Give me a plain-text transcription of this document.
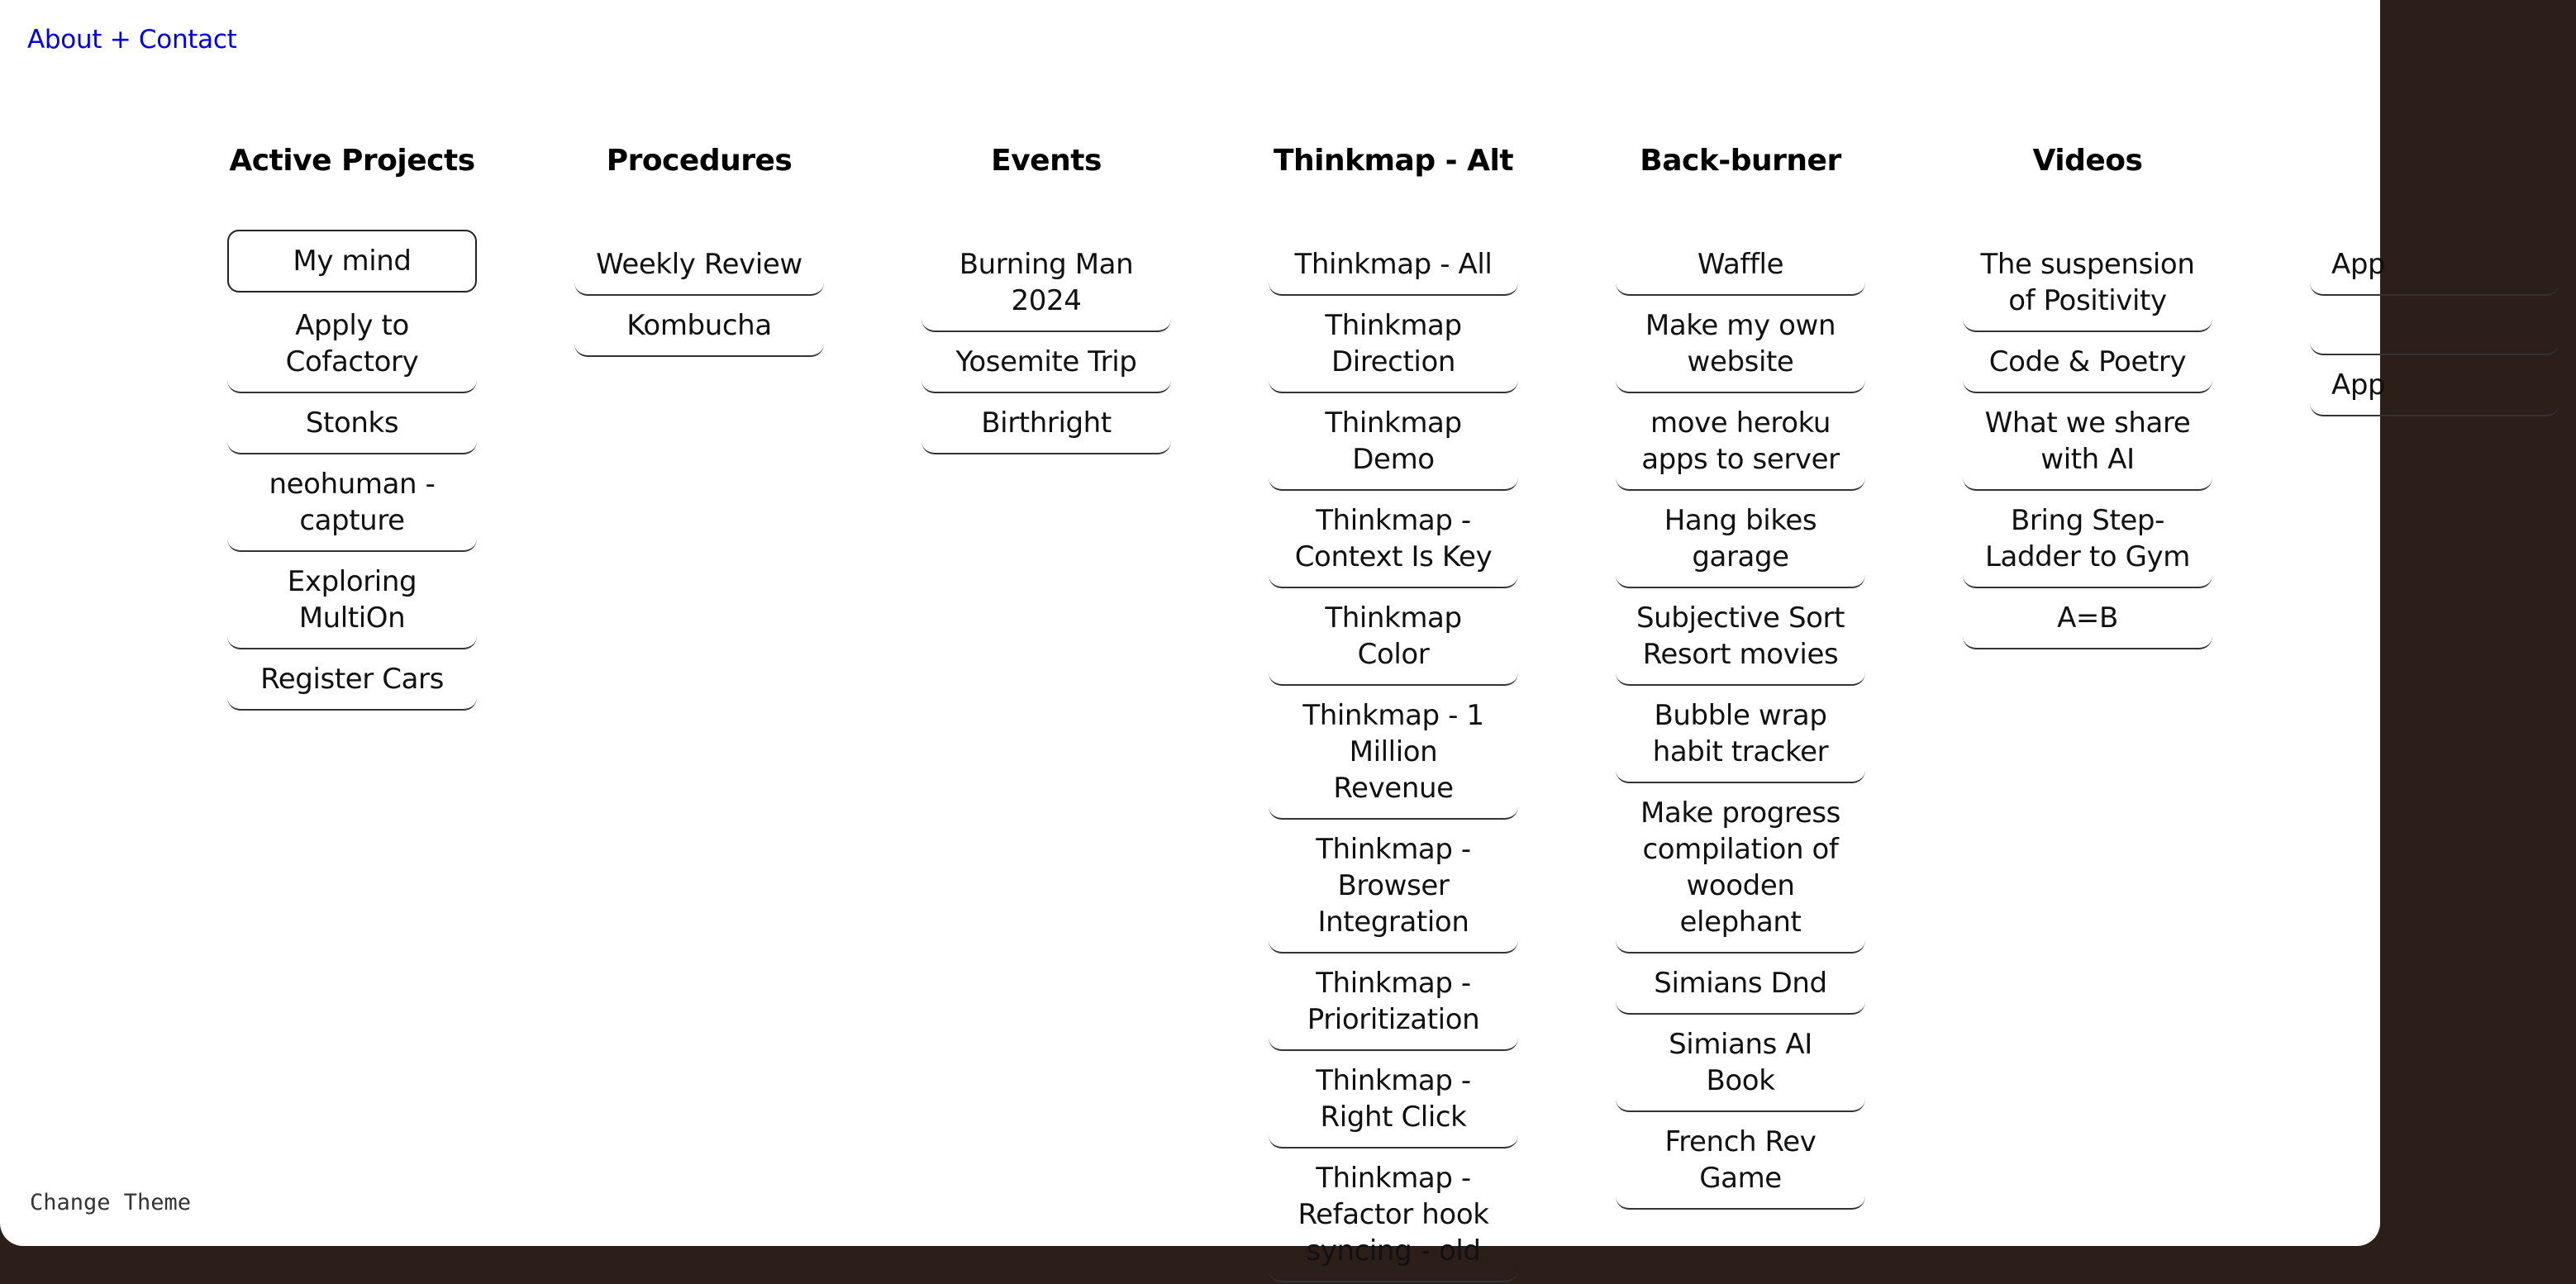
About + Contact
Active Projects
My mind
Apply to Cofactory
Stonks
neohuman - capture
Exploring MultiOn
Register Cars
Procedures
Weekly Review
Kombucha
Events
Burning Man 2024
Yosemite Trip
Birthright
Thinkmap - Alt
Thinkmap - All
Thinkmap Direction
Thinkmap Demo
Thinkmap - Context Is Key
Thinkmap Color
Thinkmap - 1 Million Revenue
Thinkmap - Browser Integration
Thinkmap - Prioritization
Thinkmap - Right Click
Thinkmap - Refactor hook syncing - old
Back-burner
Waffle
Make my own website
move heroku apps to server
Hang bikes garage
Subjective Sort Resort movies
Bubble wrap habit tracker
Make progress compilation of wooden elephant
Simians Dnd
Simians AI Book
French Rev Game
Videos
The suspension of Positivity
Code & Poetry
What we share with AI
Bring Step-Ladder to Gym
A=B
App
App
Change Theme
